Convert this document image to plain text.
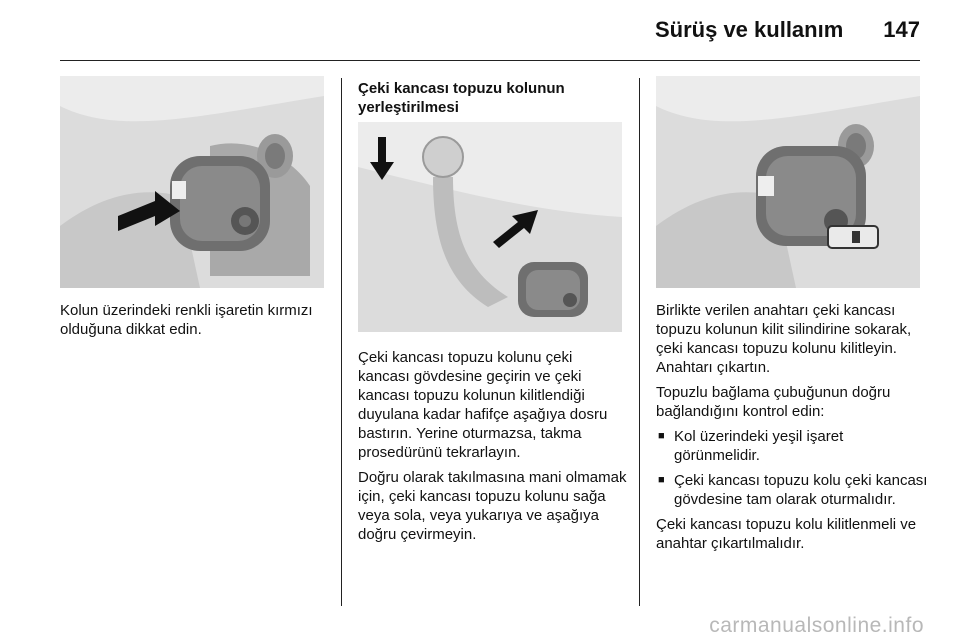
Sürüş ve kullanım 147

Kolun üzerindeki renkli işaretin kırmızı olduğuna dikkat edin.

Çeki kancası topuzu kolunun yerleştirilmesi

Çeki kancası topuzu kolunu çeki kancası gövdesine geçirin ve çeki kancası topuzu kolunun kilitlendiği duyulana kadar hafifçe aşağıya dosru bastırın. Yerine oturmazsa, takma prosedürünü tekrarlayın.

Doğru olarak takılmasına mani olmamak için, çeki kancası topuzu kolunu sağa veya sola, veya yukarıya ve aşağıya doğru çevirmeyin.

Birlikte verilen anahtarı çeki kancası topuzu kolunun kilit silindirine sokarak, çeki kancası topuzu kolunu kilitleyin. Anahtarı çıkartın.

Topuzlu bağlama çubuğunun doğru bağlandığını kontrol edin:

■ Kol üzerindeki yeşil işaret görünmelidir.
■ Çeki kancası topuzu kolu çeki kancası gövdesine tam olarak oturmalıdır.

Çeki kancası topuzu kolu kilitlenmeli ve anahtar çıkartılmalıdır.

carmanualsonline.info
